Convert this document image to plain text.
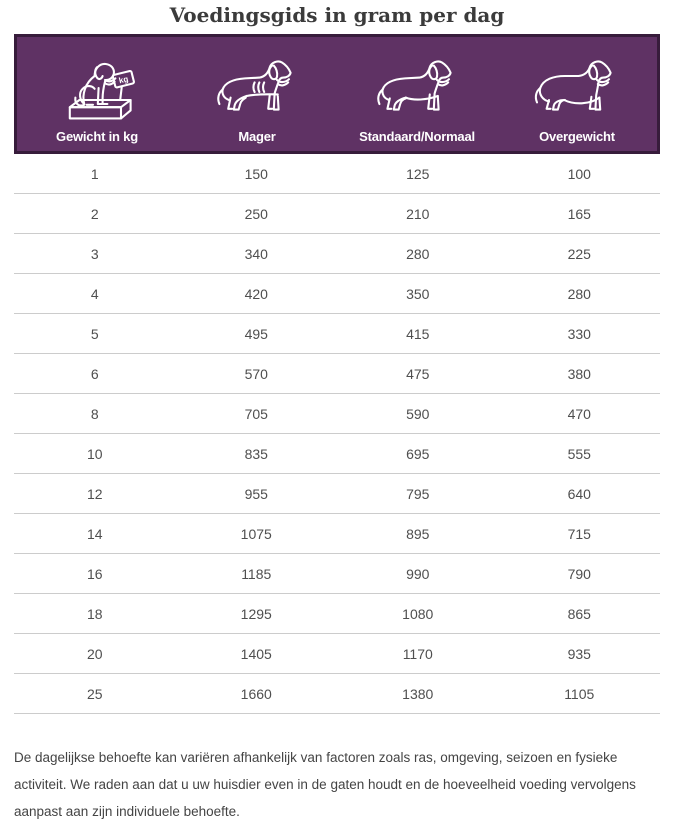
Voedingsgids in gram per dag
kg
Gewicht in kg	Mager	Standaard/Normaal	Overgewicht
1	150	125	100
2	250	210	165
3	340	280	225
4	420	350	280
5	495	415	330
6	570	475	380
8	705	590	470
10	835	695	555
12	955	795	640
14	1075	895	715
16	1185	990	790
18	1295	1080	865
20	1405	1170	935
25	1660	1380	1105

De dagelijkse behoefte kan variëren afhankelijk van factoren zoals ras, omgeving, seizoen en fysieke activiteit. We raden aan dat u uw huisdier even in de gaten houdt en de hoeveelheid voeding vervolgens aanpast aan zijn individuele behoefte.
